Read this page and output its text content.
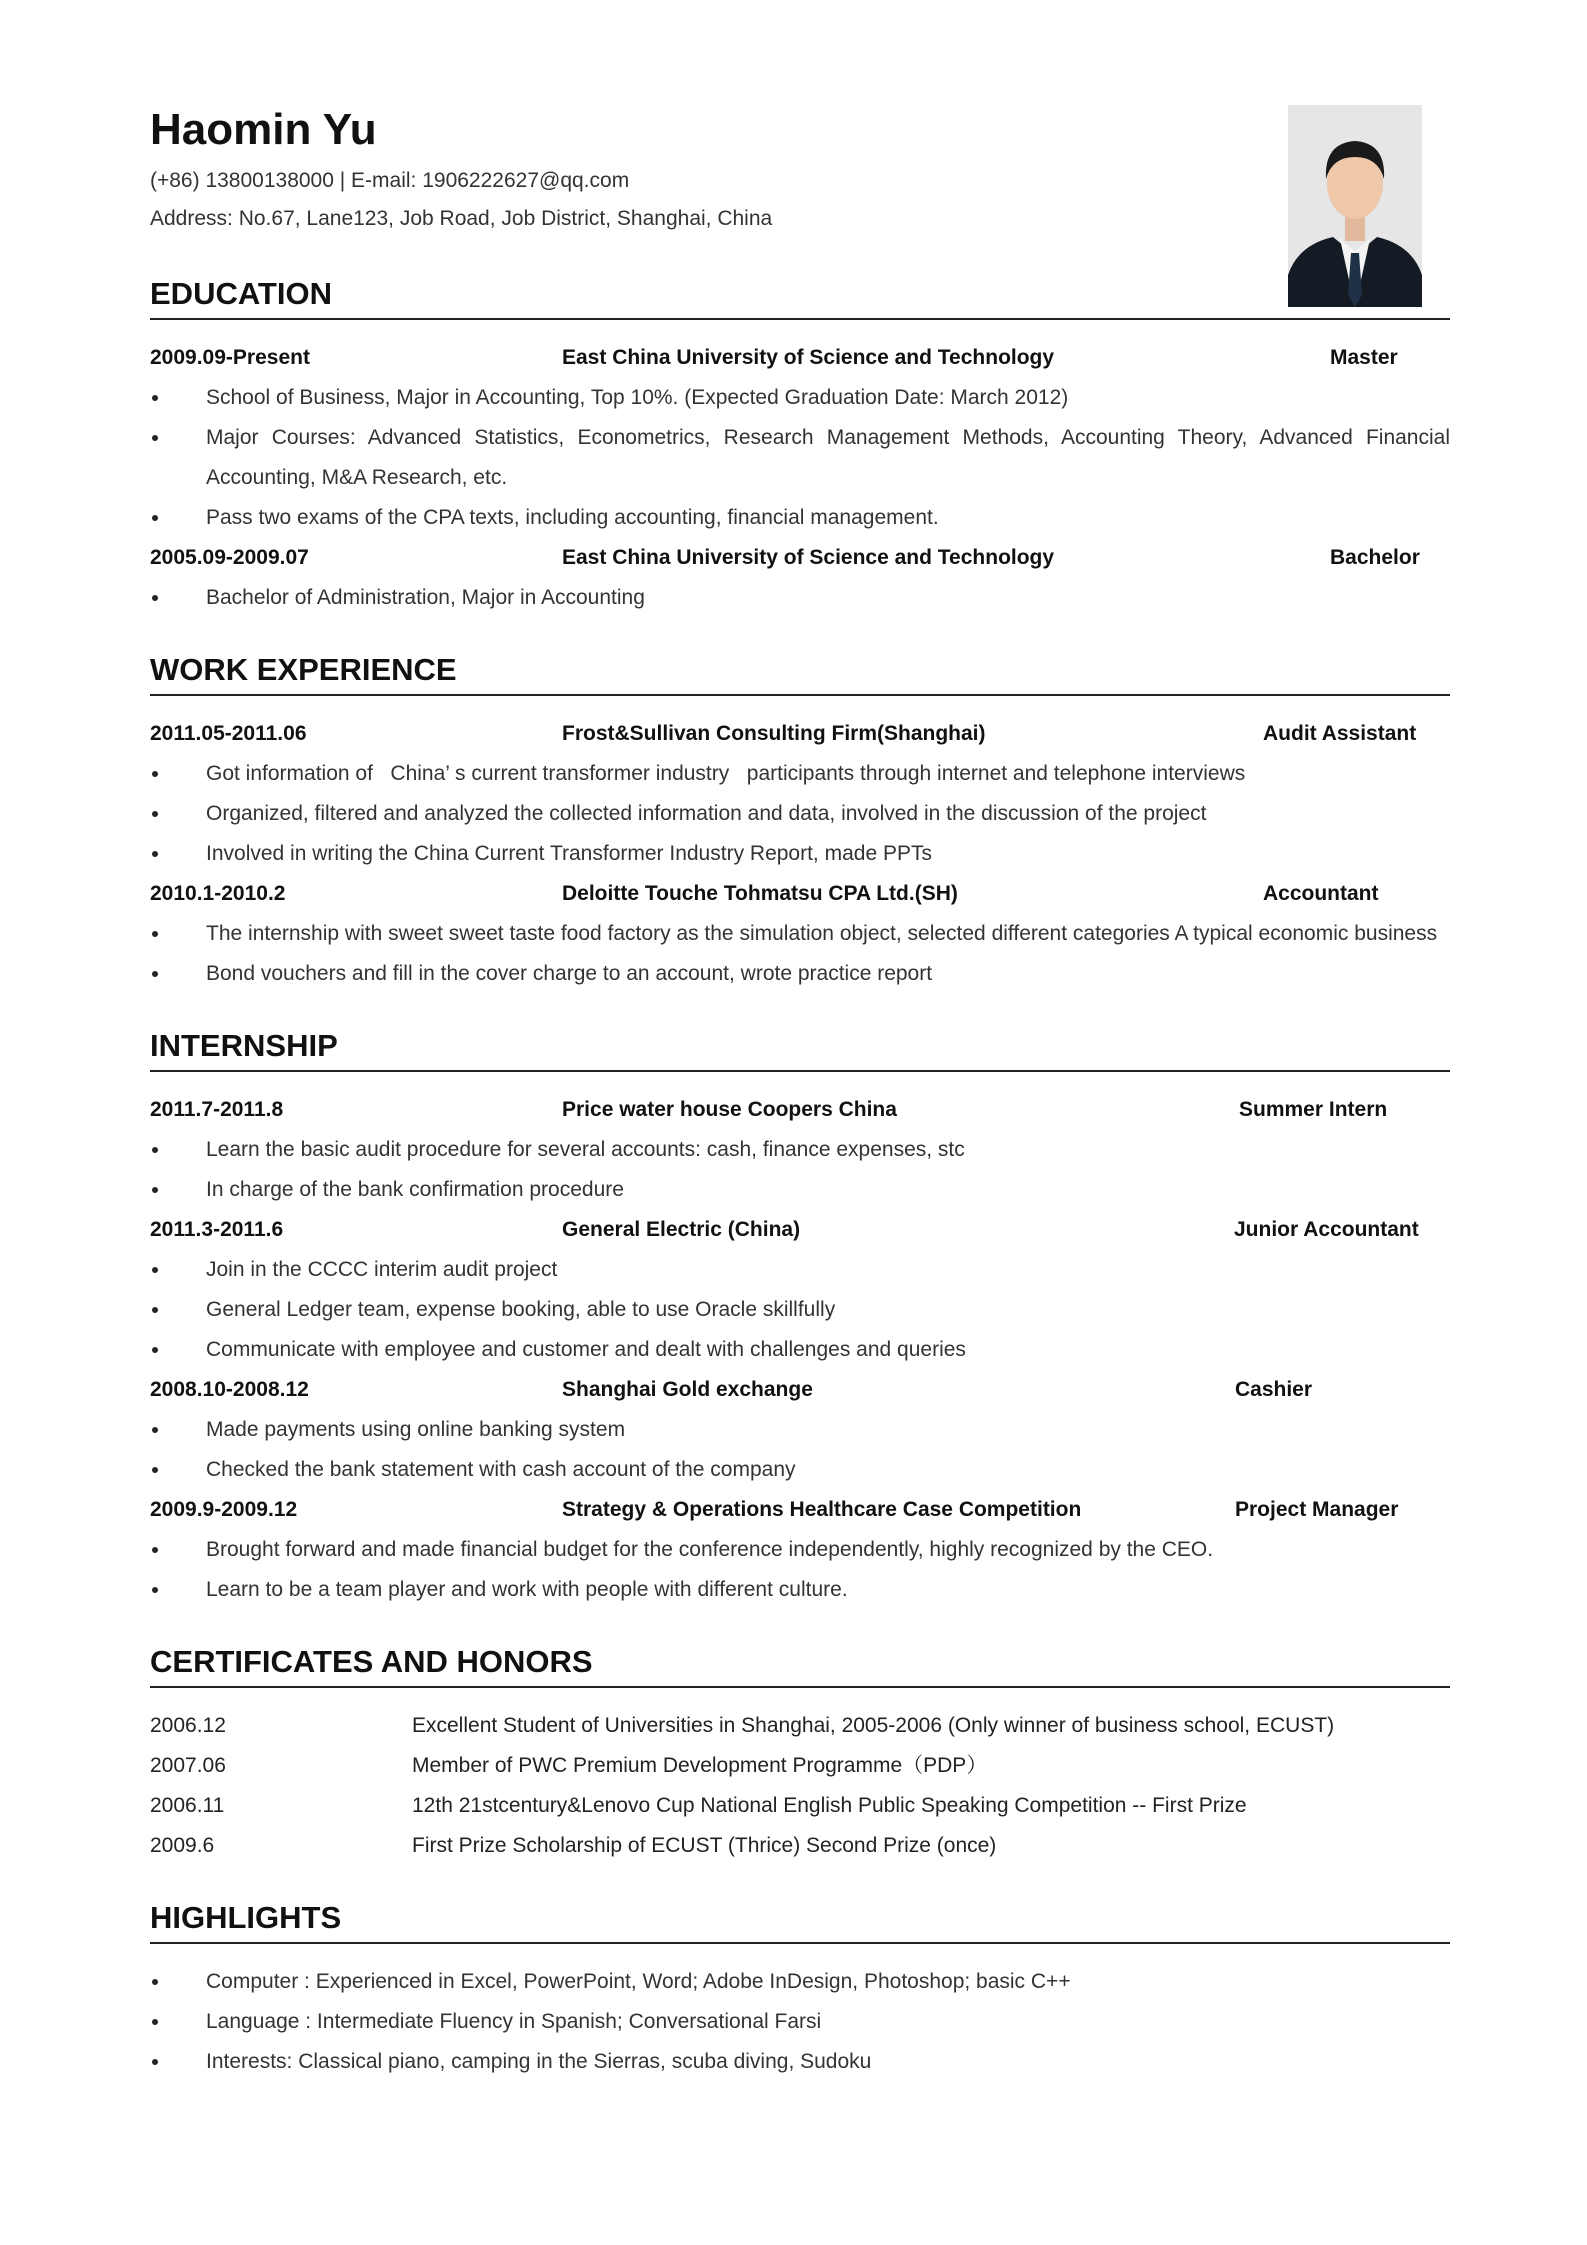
Haomin Yu
(+86) 13800138000 | E-mail: 1906222627@qq.com
Address: No.67, Lane123, Job Road, Job District, Shanghai, China
EDUCATION
2009.09-Present	East China University of Science and Technology	Master
School of Business, Major in Accounting, Top 10%. (Expected Graduation Date: March 2012)
Major Courses: Advanced Statistics, Econometrics, Research Management Methods, Accounting Theory, Advanced Financial Accounting, M&A Research, etc.
Pass two exams of the CPA texts, including accounting, financial management.
2005.09-2009.07	East China University of Science and Technology	Bachelor
Bachelor of Administration, Major in Accounting
WORK EXPERIENCE
2011.05-2011.06	Frost&Sullivan Consulting Firm(Shanghai)	Audit Assistant
Got information of   China’ s current transformer industry   participants through internet and telephone interviews
Organized, filtered and analyzed the collected information and data, involved in the discussion of the project
Involved in writing the China Current Transformer Industry Report, made PPTs
2010.1-2010.2	Deloitte Touche Tohmatsu CPA Ltd.(SH)	Accountant
The internship with sweet sweet taste food factory as the simulation object, selected different categories A typical economic business
Bond vouchers and fill in the cover charge to an account, wrote practice report
INTERNSHIP
2011.7-2011.8	Price water house Coopers China	Summer Intern
Learn the basic audit procedure for several accounts: cash, finance expenses, stc
In charge of the bank confirmation procedure
2011.3-2011.6	General Electric (China)	Junior Accountant
Join in the CCCC interim audit project
General Ledger team, expense booking, able to use Oracle skillfully
Communicate with employee and customer and dealt with challenges and queries
2008.10-2008.12	Shanghai Gold exchange	Cashier
Made payments using online banking system
Checked the bank statement with cash account of the company
2009.9-2009.12	Strategy & Operations Healthcare Case Competition	Project Manager
Brought forward and made financial budget for the conference independently, highly recognized by the CEO.
Learn to be a team player and work with people with different culture.
CERTIFICATES AND HONORS
2006.12	Excellent Student of Universities in Shanghai, 2005-2006 (Only winner of business school, ECUST)
2007.06	Member of PWC Premium Development Programme（PDP）
2006.11	12th 21stcentury&Lenovo Cup National English Public Speaking Competition -- First Prize
2009.6	First Prize Scholarship of ECUST (Thrice) Second Prize (once)
HIGHLIGHTS
Computer : Experienced in Excel, PowerPoint, Word; Adobe InDesign, Photoshop; basic C++
Language : Intermediate Fluency in Spanish; Conversational Farsi
Interests: Classical piano, camping in the Sierras, scuba diving, Sudoku
